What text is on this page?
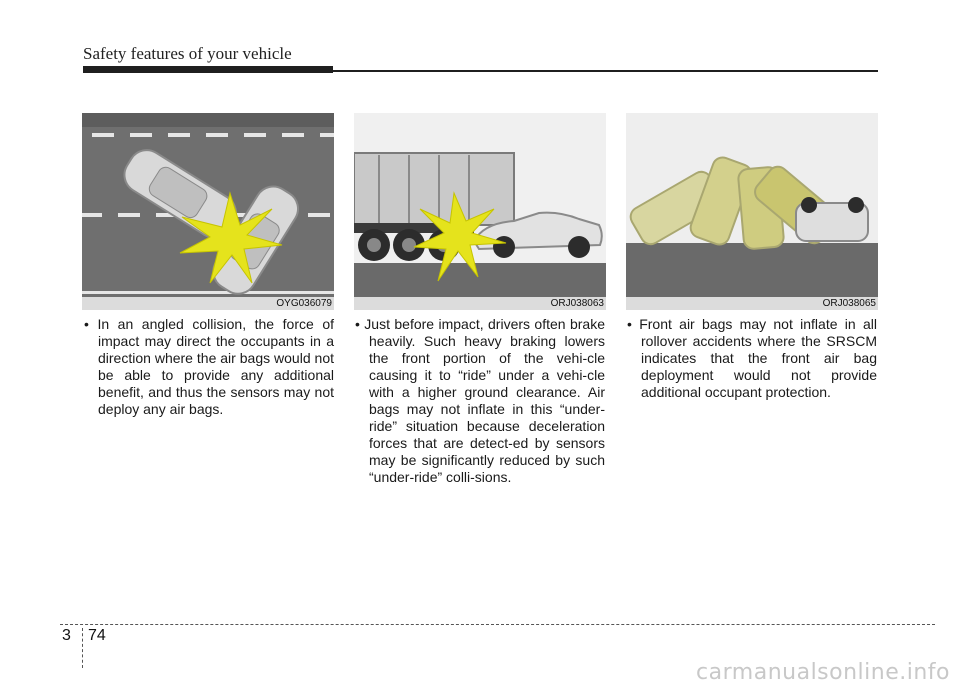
Safety features of your vehicle
OYG036079	ORJ038063	ORJ038065

• In an angled collision, the force of impact may direct the occupants in a direction where the air bags would not be able to provide any additional benefit, and thus the sensors may not deploy any air bags.

• Just before impact, drivers often brake heavily. Such heavy braking lowers the front portion of the vehi-cle causing it to “ride” under a vehi-cle with a higher ground clearance. Air bags may not inflate in this “under-ride” situation because deceleration forces that are detect-ed by sensors may be significantly reduced by such “under-ride” colli-sions.

• Front air bags may not inflate in all rollover accidents where the SRSCM indicates that the front air bag deployment would not provide additional occupant protection.

3 74
carmanualsonline.info
